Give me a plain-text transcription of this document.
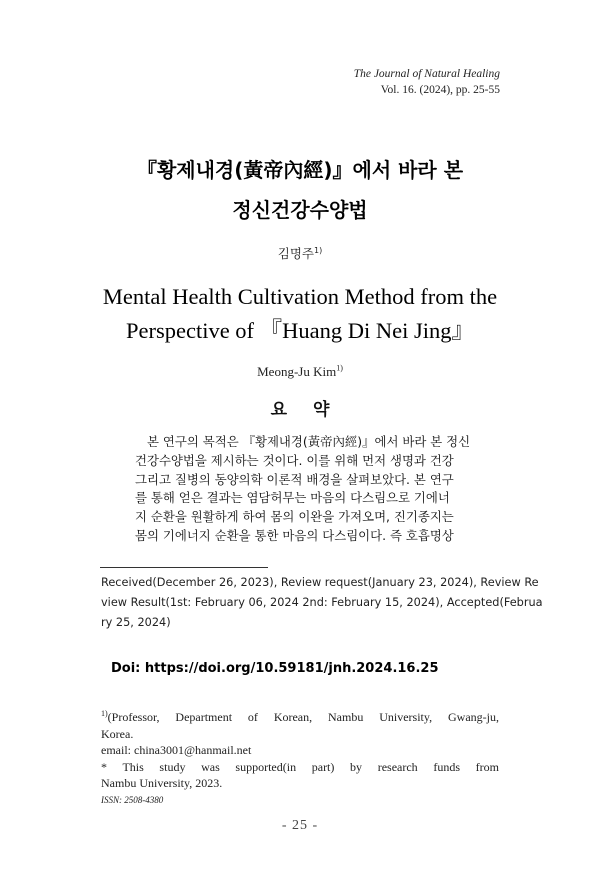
The Journal of Natural Healing
Vol. 16. (2024), pp. 25-55
『황제내경(黃帝內經)』에서 바라 본
정신건강수양법
김명주$^{1)}$
Mental Health Cultivation Method from the
Perspective of 『Huang Di Nei Jing』
Meong-Ju Kim$^{1)}$
요 약
본 연구의 목적은 『황제내경(黃帝內經)』에서 바라 본 정신
건강수양법을 제시하는 것이다. 이를 위해 먼저 생명과 건강
그리고 질병의 동양의학 이론적 배경을 살펴보았다. 본 연구
를 통해 얻은 결과는 염담허무는 마음의 다스림으로 기에너
지 순환을 원활하게 하여 몸의 이완을 가져오며, 진기종지는
몸의 기에너지 순환을 통한 마음의 다스림이다. 즉 호흡명상
Received(December 26, 2023), Review request(January 23, 2024), Review Re
view Result(1st: February 06, 2024 2nd: February 15, 2024), Accepted(Februa
ry 25, 2024)
Doi: https://doi.org/10.59181/jnh.2024.16.25
$^{1)}$(Professor, Department of Korean, Nambu University, Gwang-ju,
Korea.
email: china3001@hanmail.net
* This study was supported(in part) by research funds from
Nambu University, 2023.
ISSN: 2508-4380
- 25 -
